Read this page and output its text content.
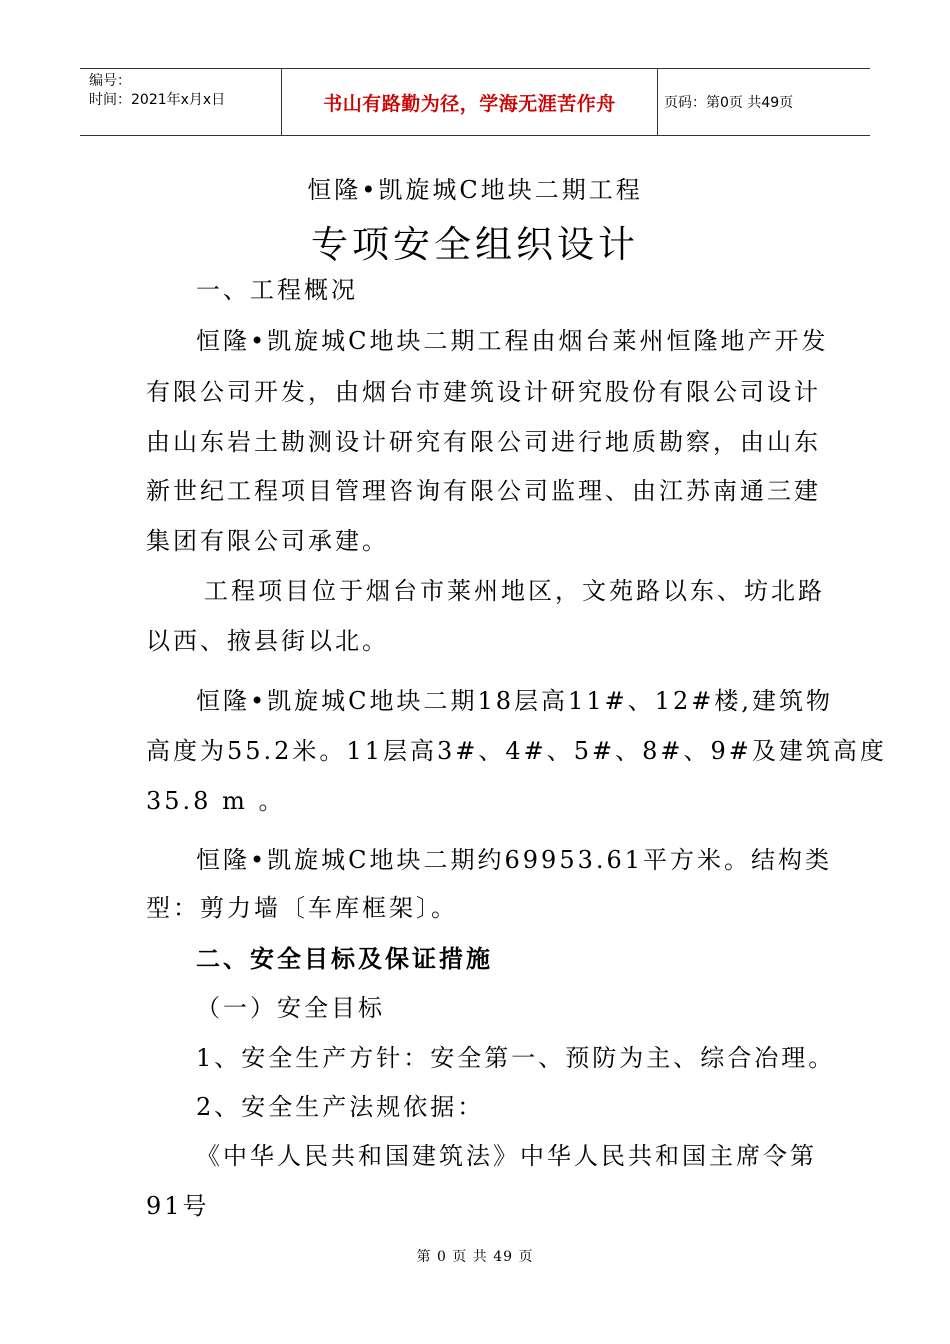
编号：
时间：2021年x月x日	书山有路勤为径，学海无涯苦作舟	页码：第0页 共49页
恒隆•凯旋城C地块二期工程
专项安全组织设计
一、工程概况
恒隆•凯旋城C地块二期工程由烟台莱州恒隆地产开发
有限公司开发，由烟台市建筑设计研究股份有限公司设计
由山东岩土勘测设计研究有限公司进行地质勘察，由山东
新世纪工程项目管理咨询有限公司监理、由江苏南通三建
集团有限公司承建。
工程项目位于烟台市莱州地区，文苑路以东、坊北路
以西、掖县街以北。
恒隆•凯旋城C地块二期18层高11#、12#楼,建筑物
高度为55.2米。11层高3#、4#、5#、8#、9#及建筑高度
35.8 m 。
恒隆•凯旋城C地块二期约69953.61平方米。结构类
型：剪力墙〔车库框架〕。
二、安全目标及保证措施
（一）安全目标
1、安全生产方针：安全第一、预防为主、综合冶理。
2、安全生产法规依据：
《中华人民共和国建筑法》中华人民共和国主席令第
91号
第 0 页 共 49 页
